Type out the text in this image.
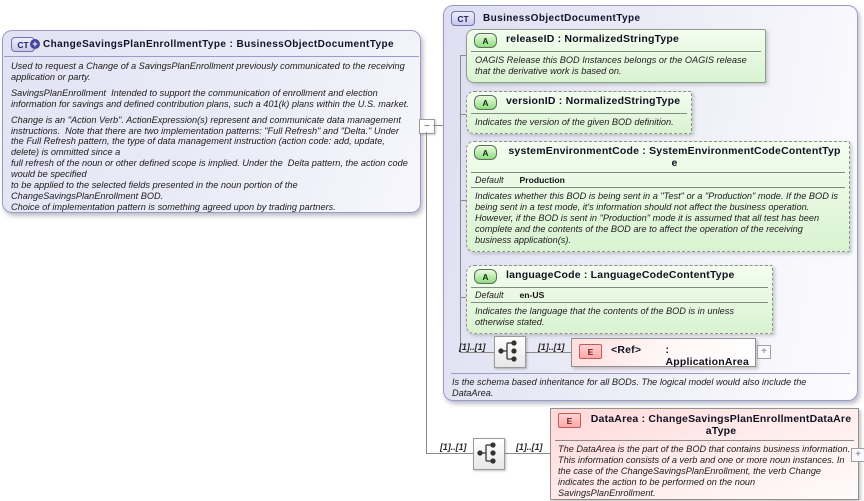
CT + ChangeSavingsPlanEnrollmentType : BusinessObjectDocumentType
Used to request a Change of a SavingsPlanEnrollment previously communicated to the receiving application or party.
SavingsPlanEnrollment  Intended to support the communication of enrollment and election information for savings and defined contribution plans, such a 401(k) plans within the U.S. market.
Change is an "Action Verb". ActionExpression(s) represent and communicate data management instructions.  Note that there are two implementation patterns: "Full Refresh" and "Delta." Under the Full Refresh pattern, the type of data management instruction (action code: add, update, delete) is ommitted since a
full refresh of the noun or other defined scope is implied. Under the  Delta pattern, the action code would be specified
to be applied to the selected fields presented in the noun portion of the
ChangeSavingsPlanEnrollment BOD.
Choice of implementation pattern is something agreed upon by trading partners.
−
CT BusinessObjectDocumentType
A	releaseID : NormalizedStringType
OAGIS Release this BOD Instances belongs or the OAGIS release that the derivative work is based on.
A	versionID : NormalizedStringType
Indicates the version of the given BOD definition.
A	systemEnvironmentCode : SystemEnvironmentCodeContentType
Default Production
Indicates whether this BOD is being sent in a "Test" or a "Production" mode. If the BOD is being sent in a test mode, it's information should not affect the business operation. However, if the BOD is sent in "Production" mode it is assumed that all test has been complete and the contents of the BOD are to affect the operation of the receiving business application(s).
A	languageCode : LanguageCodeContentType
Default en-US
Indicates the language that the contents of the BOD is in unless otherwise stated.
[1]..[1]	[1]..[1]	E	<Ref>	: ApplicationArea
+
Is the schema based inheritance for all BODs. The logical model would also include the DataArea.
[1]..[1]	[1]..[1]
E	DataArea : ChangeSavingsPlanEnrollmentDataAreaType
The DataArea is the part of the BOD that contains business information. This information consists of a verb and one or more noun instances. In the case of the ChangeSavingsPlanEnrollment, the verb Change indicates the action to be performed on the noun SavingsPlanEnrollment.
+
